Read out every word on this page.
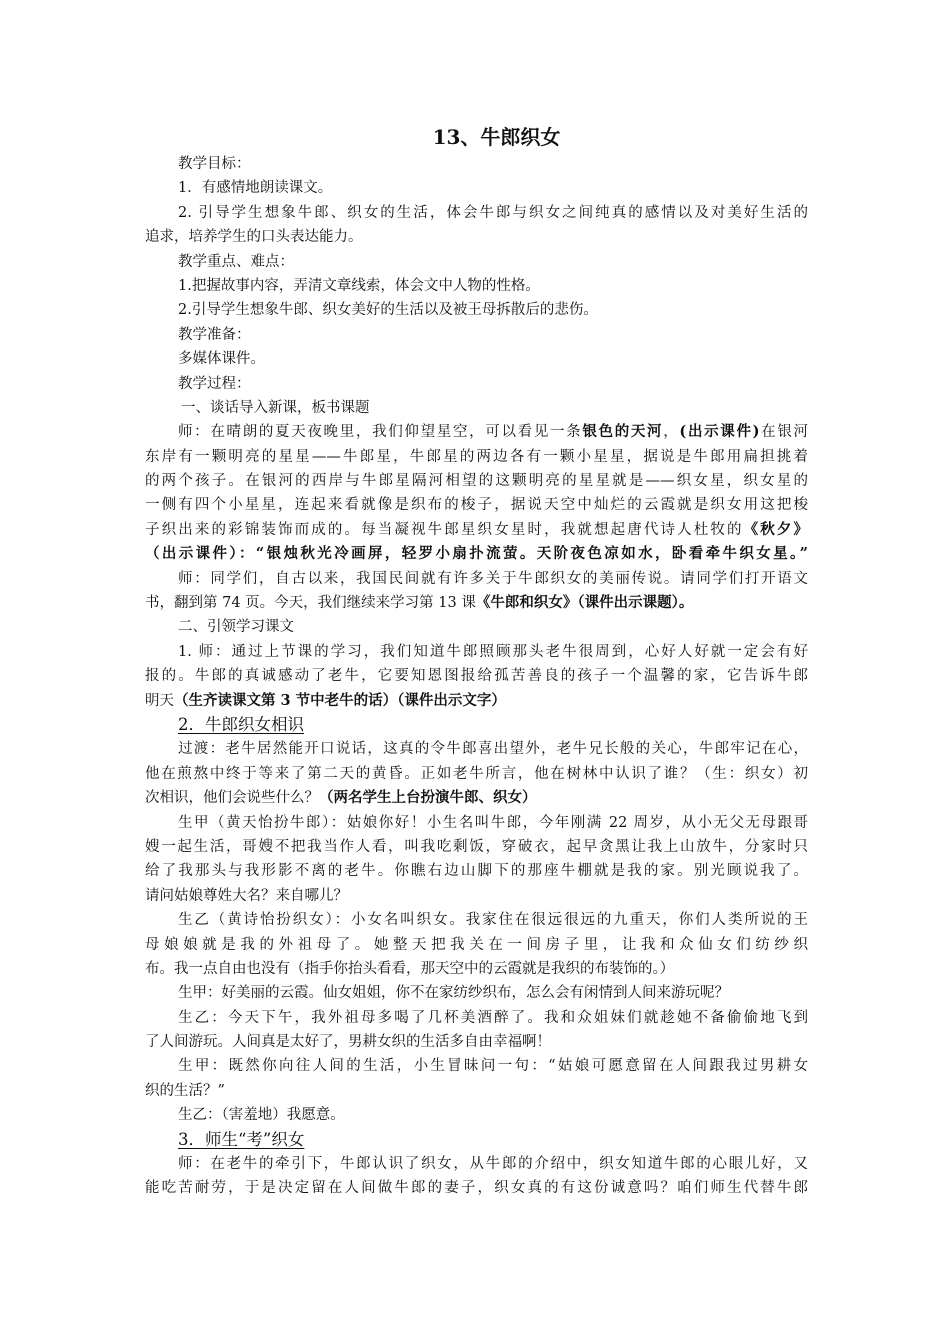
13、牛郎织女
教学目标：
1．有感情地朗读课文。
2. 引导学生想象牛郎、织女的生活，体会牛郎与织女之间纯真的感情以及对美好生活的
追求，培养学生的口头表达能力。
教学重点、难点：
1.把握故事内容，弄清文章线索，体会文中人物的性格。
2.引导学生想象牛郎、织女美好的生活以及被王母拆散后的悲伤。
教学准备：
多媒体课件。
教学过程：
一、谈话导入新课，板书课题
师：在晴朗的夏天夜晚里，我们仰望星空，可以看见一条银色的天河，(出示课件)在银河
东岸有一颗明亮的星星——牛郎星，牛郎星的两边各有一颗小星星，据说是牛郎用扁担挑着
的两个孩子。在银河的西岸与牛郎星隔河相望的这颗明亮的星星就是——织女星，织女星的
一侧有四个小星星，连起来看就像是织布的梭子，据说天空中灿烂的云霞就是织女用这把梭
子织出来的彩锦装饰而成的。每当凝视牛郎星织女星时，我就想起唐代诗人杜牧的《秋夕》
（出示课件）：“银烛秋光冷画屏，轻罗小扇扑流萤。天阶夜色凉如水，卧看牵牛织女星。”
师：同学们，自古以来，我国民间就有许多关于牛郎织女的美丽传说。请同学们打开语文
书，翻到第 74 页。今天，我们继续来学习第 13 课《牛郎和织女》（课件出示课题）。
二、引领学习课文
1. 师：通过上节课的学习，我们知道牛郎照顾那头老牛很周到，心好人好就一定会有好
报的。牛郎的真诚感动了老牛，它要知恩图报给孤苦善良的孩子一个温馨的家，它告诉牛郎
明天（生齐读课文第 3 节中老牛的话）（课件出示文字）
2．牛郎织女相识
过渡：老牛居然能开口说话，这真的令牛郎喜出望外，老牛兄长般的关心，牛郎牢记在心，
他在煎熬中终于等来了第二天的黄昏。正如老牛所言，他在树林中认识了谁？（生：织女）初
次相识，他们会说些什么？（两名学生上台扮演牛郎、织女）
生甲（黄天怡扮牛郎）：姑娘你好！小生名叫牛郎，今年刚满 22 周岁，从小无父无母跟哥
嫂一起生活，哥嫂不把我当作人看，叫我吃剩饭，穿破衣，起早贪黑让我上山放牛，分家时只
给了我那头与我形影不离的老牛。你瞧右边山脚下的那座牛棚就是我的家。别光顾说我了。
请问姑娘尊姓大名？来自哪儿？
生乙（黄诗怡扮织女）：小女名叫织女。我家住在很远很远的九重天，你们人类所说的王
母娘娘就是我的外祖母了。她整天把我关在一间房子里，让我和众仙女们纺纱织
布。我一点自由也没有（指手你抬头看看，那天空中的云霞就是我织的布装饰的。）
生甲：好美丽的云霞。仙女姐姐，你不在家纺纱织布，怎么会有闲情到人间来游玩呢？
生乙：今天下午，我外祖母多喝了几杯美酒醉了。我和众姐妹们就趁她不备偷偷地飞到
了人间游玩。人间真是太好了，男耕女织的生活多自由幸福啊！
生甲：既然你向往人间的生活，小生冒昧问一句：“姑娘可愿意留在人间跟我过男耕女
织的生活？”
生乙：（害羞地）我愿意。
3．师生“考”织女
师：在老牛的牵引下，牛郎认识了织女，从牛郎的介绍中，织女知道牛郎的心眼儿好，又
能吃苦耐劳，于是决定留在人间做牛郎的妻子，织女真的有这份诚意吗？咱们师生代替牛郎
